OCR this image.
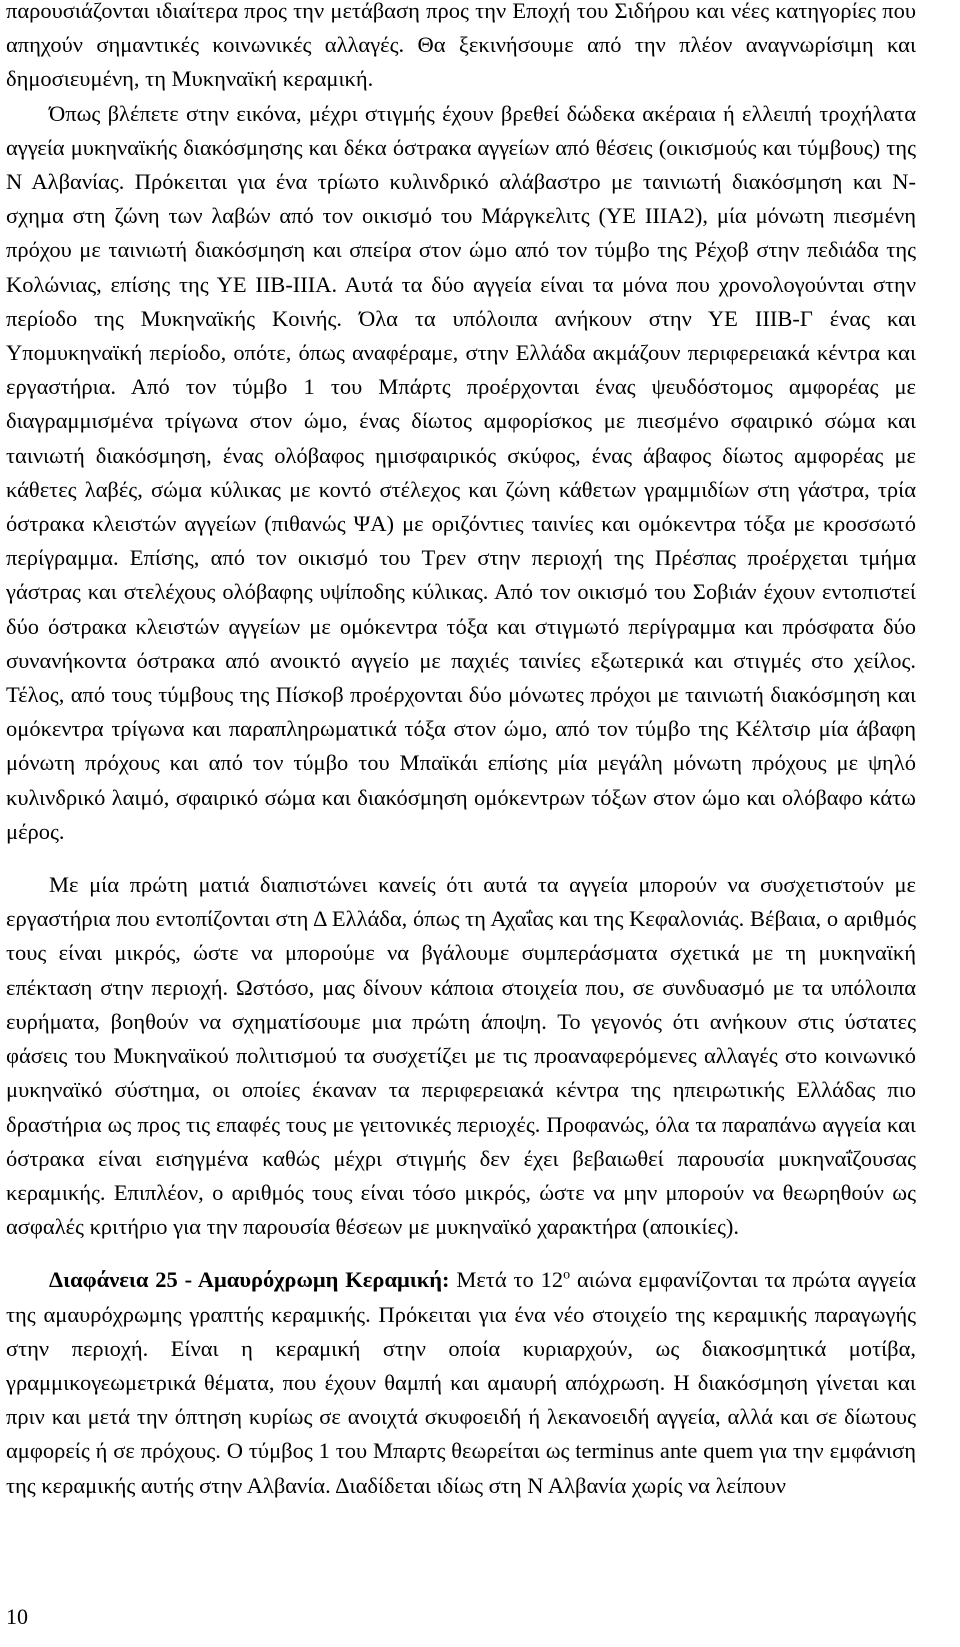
παρουσιάζονται ιδιαίτερα προς την μετάβαση προς την Εποχή του Σιδήρου και νέες κατηγορίες που απηχούν σημαντικές κοινωνικές αλλαγές. Θα ξεκινήσουμε από την πλέον αναγνωρίσιμη και δημοσιευμένη, τη Μυκηναϊκή κεραμική.

Όπως βλέπετε στην εικόνα, μέχρι στιγμής έχουν βρεθεί δώδεκα ακέραια ή ελλειπή τροχήλατα αγγεία μυκηναϊκής διακόσμησης και δέκα όστρακα αγγείων από θέσεις (οικισμούς και τύμβους) της Ν Αλβανίας. Πρόκειται για ένα τρίωτο κυλινδρικό αλάβαστρο με ταινιωτή διακόσμηση και Ν-σχημα στη ζώνη των λαβών από τον οικισμό του Μάργκελιτς (ΥΕ ΙΙΙΑ2), μία μόνωτη πιεσμένη πρόχου με ταινιωτή διακόσμηση και σπείρα στον ώμο από τον τύμβο της Ρέχοβ στην πεδιάδα της Κολώνιας, επίσης της ΥΕ ΙΙΒ-ΙΙΙΑ. Αυτά τα δύο αγγεία είναι τα μόνα που χρονολογούνται στην περίοδο της Μυκηναϊκής Κοινής. Όλα τα υπόλοιπα ανήκουν στην ΥΕ ΙΙΙΒ-Γ ένας και Υπομυκηναϊκή περίοδο, οπότε, όπως αναφέραμε, στην Ελλάδα ακμάζουν περιφερειακά κέντρα και εργαστήρια. Από τον τύμβο 1 του Μπάρτς προέρχονται ένας ψευδόστομος αμφορέας με διαγραμμισμένα τρίγωνα στον ώμο, ένας δίωτος αμφορίσκος με πιεσμένο σφαιρικό σώμα και ταινιωτή διακόσμηση, ένας ολόβαφος ημισφαιρικός σκύφος, ένας άβαφος δίωτος αμφορέας με κάθετες λαβές, σώμα κύλικας με κοντό στέλεχος και ζώνη κάθετων γραμμιδίων στη γάστρα, τρία όστρακα κλειστών αγγείων (πιθανώς ΨΑ) με οριζόντιες ταινίες και ομόκεντρα τόξα με κροσσωτό περίγραμμα. Επίσης, από τον οικισμό του Τρεν στην περιοχή της Πρέσπας προέρχεται τμήμα γάστρας και στελέχους ολόβαφης υψίποδης κύλικας. Από τον οικισμό του Σοβιάν έχουν εντοπιστεί δύο όστρακα κλειστών αγγείων με ομόκεντρα τόξα και στιγμωτό περίγραμμα και πρόσφατα δύο συνανήκοντα όστρακα από ανοικτό αγγείο με παχιές ταινίες εξωτερικά και στιγμές στο χείλος. Τέλος, από τους τύμβους της Πίσκοβ προέρχονται δύο μόνωτες πρόχοι με ταινιωτή διακόσμηση και ομόκεντρα τρίγωνα και παραπληρωματικά τόξα στον ώμο, από τον τύμβο της Κέλτσιρ μία άβαφη μόνωτη πρόχους και από τον τύμβο του Μπαϊκάι επίσης μία μεγάλη μόνωτη πρόχους με ψηλό κυλινδρικό λαιμό, σφαιρικό σώμα και διακόσμηση ομόκεντρων τόξων στον ώμο και ολόβαφο κάτω μέρος.

Με μία πρώτη ματιά διαπιστώνει κανείς ότι αυτά τα αγγεία μπορούν να συσχετιστούν με εργαστήρια που εντοπίζονται στη Δ Ελλάδα, όπως τη Αχαΐας και της Κεφαλονιάς. Βέβαια, ο αριθμός τους είναι μικρός, ώστε να μπορούμε να βγάλουμε συμπεράσματα σχετικά με τη μυκηναϊκή επέκταση στην περιοχή. Ωστόσο, μας δίνουν κάποια στοιχεία που, σε συνδυασμό με τα υπόλοιπα ευρήματα, βοηθούν να σχηματίσουμε μια πρώτη άποψη. Το γεγονός ότι ανήκουν στις ύστατες φάσεις του Μυκηναϊκού πολιτισμού τα συσχετίζει με τις προαναφερόμενες αλλαγές στο κοινωνικό μυκηναϊκό σύστημα, οι οποίες έκαναν τα περιφερειακά κέντρα της ηπειρωτικής Ελλάδας πιο δραστήρια ως προς τις επαφές τους με γειτονικές περιοχές. Προφανώς, όλα τα παραπάνω αγγεία και όστρακα είναι εισηγμένα καθώς μέχρι στιγμής δεν έχει βεβαιωθεί παρουσία μυκηναΐζουσας κεραμικής. Επιπλέον, ο αριθμός τους είναι τόσο μικρός, ώστε να μην μπορούν να θεωρηθούν ως ασφαλές κριτήριο για την παρουσία θέσεων με μυκηναϊκό χαρακτήρα (αποικίες).

Διαφάνεια 25 - Αμαυρόχρωμη Κεραμική: Μετά το $12^o$ αιώνα εμφανίζονται τα πρώτα αγγεία της αμαυρόχρωμης γραπτής κεραμικής. Πρόκειται για ένα νέο στοιχείο της κεραμικής παραγωγής στην περιοχή. Είναι η κεραμική στην οποία κυριαρχούν, ως διακοσμητικά μοτίβα, γραμμικογεωμετρικά θέματα, που έχουν θαμπή και αμαυρή απόχρωση. Η διακόσμηση γίνεται και πριν και μετά την όπτηση κυρίως σε ανοιχτά σκυφοειδή ή λεκανοειδή αγγεία, αλλά και σε δίωτους αμφορείς ή σε πρόχους. Ο τύμβος 1 του Μπαρτς θεωρείται ως terminus ante quem για την εμφάνιση της κεραμικής αυτής στην Αλβανία. Διαδίδεται ιδίως στη Ν Αλβανία χωρίς να λείπουν

10
